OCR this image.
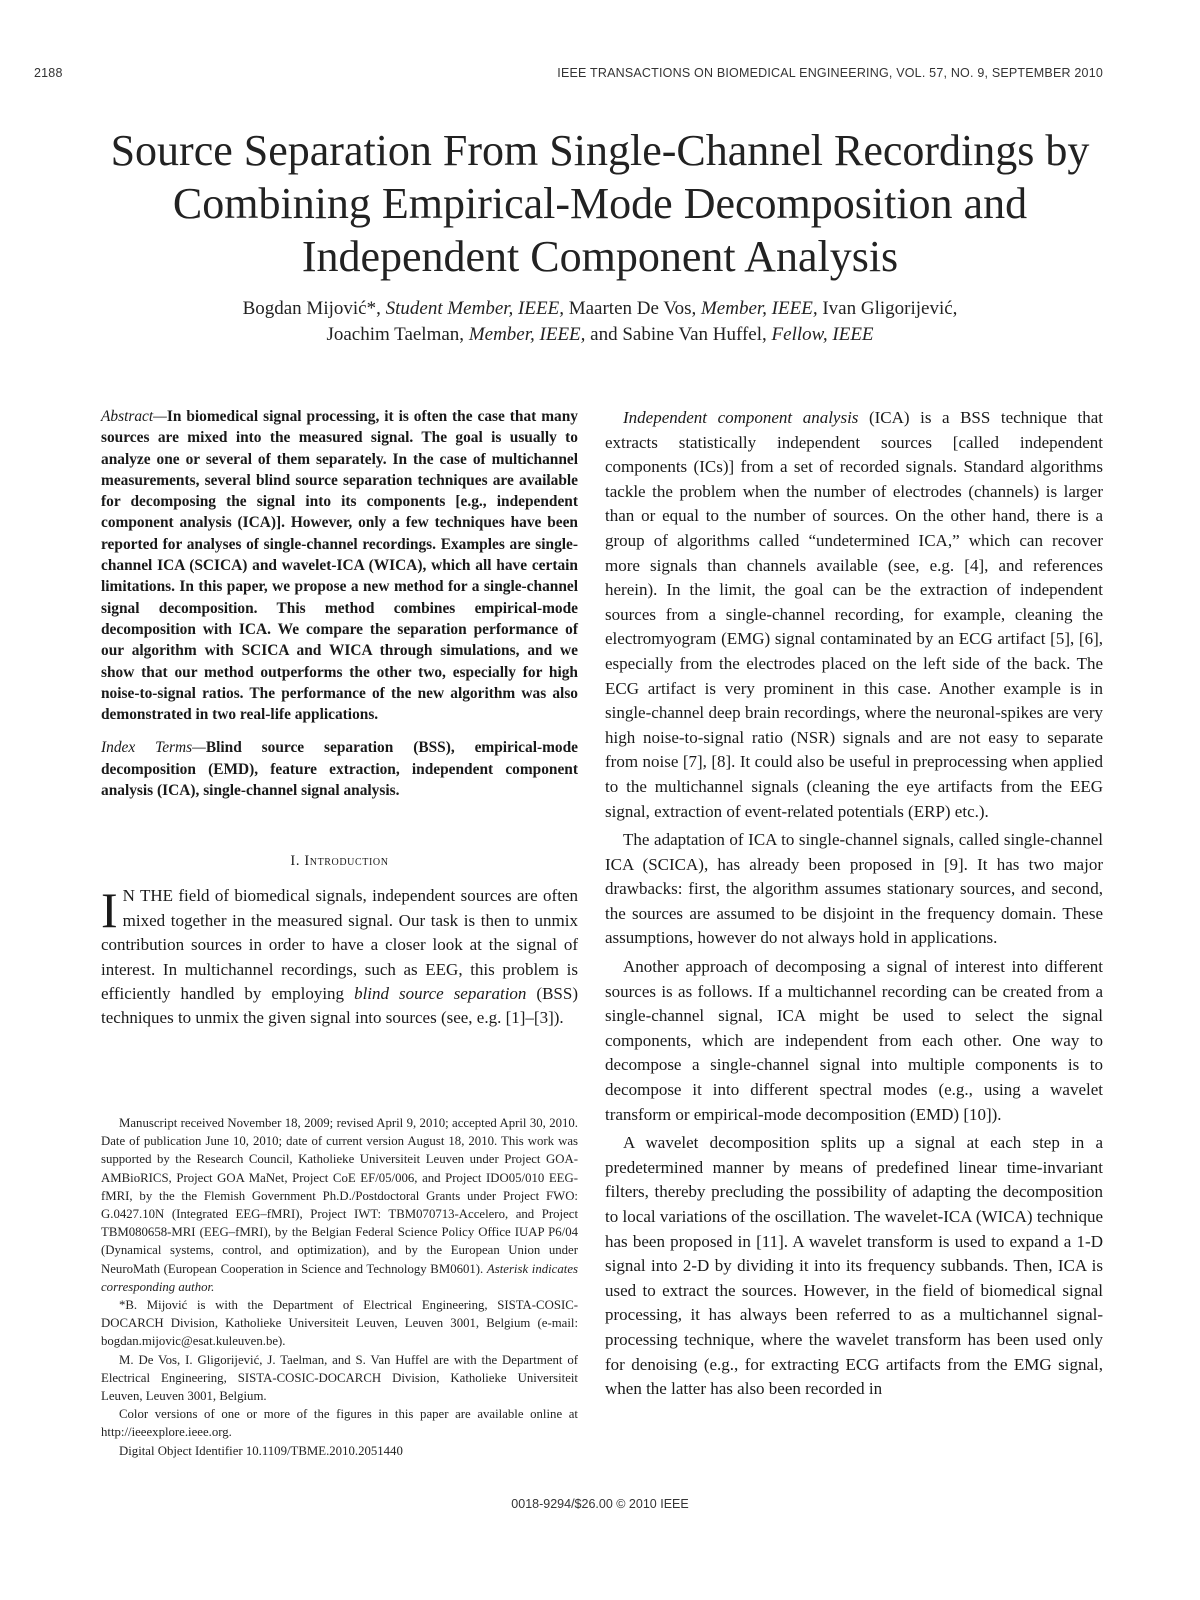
2188	IEEE TRANSACTIONS ON BIOMEDICAL ENGINEERING, VOL. 57, NO. 9, SEPTEMBER 2010
Source Separation From Single-Channel Recordings by Combining Empirical-Mode Decomposition and Independent Component Analysis
Bogdan Mijović*, Student Member, IEEE, Maarten De Vos, Member, IEEE, Ivan Gligorijević,
Joachim Taelman, Member, IEEE, and Sabine Van Huffel, Fellow, IEEE

Abstract—In biomedical signal processing, it is often the case that many sources are mixed into the measured signal. The goal is usually to analyze one or several of them separately. In the case of multichannel measurements, several blind source separation techniques are available for decomposing the signal into its components [e.g., independent component analysis (ICA)]. However, only a few techniques have been reported for analyses of single-channel recordings. Examples are single-channel ICA (SCICA) and wavelet-ICA (WICA), which all have certain limitations. In this paper, we propose a new method for a single-channel signal decomposition. This method combines empirical-mode decomposition with ICA. We compare the separation performance of our algorithm with SCICA and WICA through simulations, and we show that our method outperforms the other two, especially for high noise-to-signal ratios. The performance of the new algorithm was also demonstrated in two real-life applications.

Index Terms—Blind source separation (BSS), empirical-mode decomposition (EMD), feature extraction, independent component analysis (ICA), single-channel signal analysis.

I. Introduction

I N THE field of biomedical signals, independent sources are often mixed together in the measured signal. Our task is then to unmix contribution sources in order to have a closer look at the signal of interest. In multichannel recordings, such as EEG, this problem is efficiently handled by employing blind source separation (BSS) techniques to unmix the given signal into sources (see, e.g. [1]–[3]).

Manuscript received November 18, 2009; revised April 9, 2010; accepted April 30, 2010. Date of publication June 10, 2010; date of current version August 18, 2010. This work was supported by the Research Council, Katholieke Universiteit Leuven under Project GOA-AMBioRICS, Project GOA MaNet, Project CoE EF/05/006, and Project IDO05/010 EEG-fMRI, by the the Flemish Government Ph.D./Postdoctoral Grants under Project FWO: G.0427.10N (Integrated EEG–fMRI), Project IWT: TBM070713-Accelero, and Project TBM080658-MRI (EEG–fMRI), by the Belgian Federal Science Policy Office IUAP P6/04 (Dynamical systems, control, and optimization), and by the European Union under NeuroMath (European Cooperation in Science and Technology BM0601). Asterisk indicates corresponding author.

*B. Mijović is with the Department of Electrical Engineering, SISTA-COSIC-DOCARCH Division, Katholieke Universiteit Leuven, Leuven 3001, Belgium (e-mail: bogdan.mijovic@esat.kuleuven.be).

M. De Vos, I. Gligorijević, J. Taelman, and S. Van Huffel are with the Department of Electrical Engineering, SISTA-COSIC-DOCARCH Division, Katholieke Universiteit Leuven, Leuven 3001, Belgium.

Color versions of one or more of the figures in this paper are available online at http://ieeexplore.ieee.org.

Digital Object Identifier 10.1109/TBME.2010.2051440

Independent component analysis (ICA) is a BSS technique that extracts statistically independent sources [called independent components (ICs)] from a set of recorded signals. Standard algorithms tackle the problem when the number of electrodes (channels) is larger than or equal to the number of sources. On the other hand, there is a group of algorithms called “undetermined ICA,” which can recover more signals than channels available (see, e.g. [4], and references herein). In the limit, the goal can be the extraction of independent sources from a single-channel recording, for example, cleaning the electromyogram (EMG) signal contaminated by an ECG artifact [5], [6], especially from the electrodes placed on the left side of the back. The ECG artifact is very prominent in this case. Another example is in single-channel deep brain recordings, where the neuronal-spikes are very high noise-to-signal ratio (NSR) signals and are not easy to separate from noise [7], [8]. It could also be useful in preprocessing when applied to the multichannel signals (cleaning the eye artifacts from the EEG signal, extraction of event-related potentials (ERP) etc.).

The adaptation of ICA to single-channel signals, called single-channel ICA (SCICA), has already been proposed in [9]. It has two major drawbacks: first, the algorithm assumes stationary sources, and second, the sources are assumed to be disjoint in the frequency domain. These assumptions, however do not always hold in applications.

Another approach of decomposing a signal of interest into different sources is as follows. If a multichannel recording can be created from a single-channel signal, ICA might be used to select the signal components, which are independent from each other. One way to decompose a single-channel signal into multiple components is to decompose it into different spectral modes (e.g., using a wavelet transform or empirical-mode decomposition (EMD) [10]).

A wavelet decomposition splits up a signal at each step in a predetermined manner by means of predefined linear time-invariant filters, thereby precluding the possibility of adapting the decomposition to local variations of the oscillation. The wavelet-ICA (WICA) technique has been proposed in [11]. A wavelet transform is used to expand a 1-D signal into 2-D by dividing it into its frequency subbands. Then, ICA is used to extract the sources. However, in the field of biomedical signal processing, it has always been referred to as a multichannel signal-processing technique, where the wavelet transform has been used only for denoising (e.g., for extracting ECG artifacts from the EMG signal, when the latter has also been recorded in

0018-9294/$26.00 © 2010 IEEE
